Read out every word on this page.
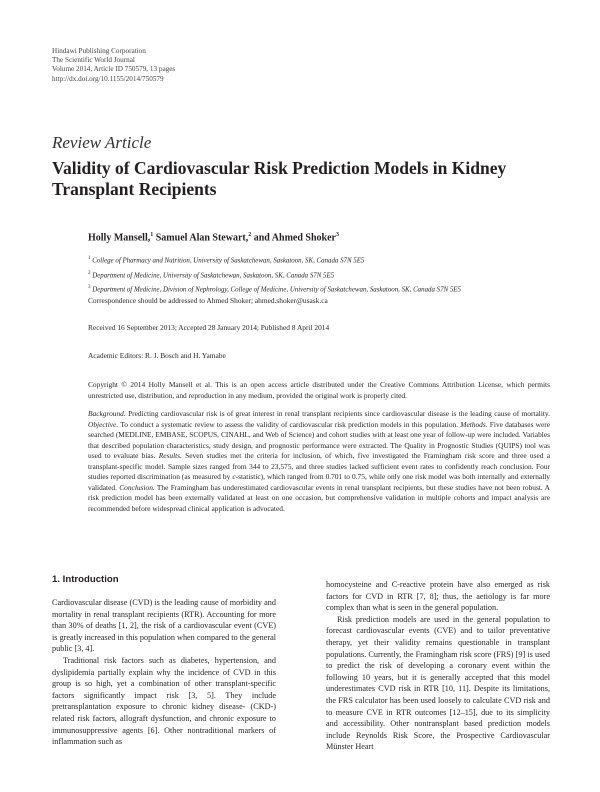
Hindawi Publishing Corporation
The Scientific World Journal
Volume 2014, Article ID 750579, 13 pages
http://dx.doi.org/10.1155/2014/750579
Review Article
Validity of Cardiovascular Risk Prediction Models in Kidney Transplant Recipients
Holly Mansell,$^1$ Samuel Alan Stewart,$^2$ and Ahmed Shoker$^3$
$^1$ College of Pharmacy and Nutrition, University of Saskatchewan, Saskatoon, SK, Canada S7N 5E5
$^2$ Department of Medicine, University of Saskatchewan, Saskatoon, SK, Canada S7N 5E5
$^3$ Department of Medicine, Division of Nephrology, College of Medicine, University of Saskatchewan, Saskatoon, SK, Canada S7N 5E5
Correspondence should be addressed to Ahmed Shoker; ahmed.shoker@usask.ca
Received 16 September 2013; Accepted 28 January 2014; Published 8 April 2014
Academic Editors: R. J. Bosch and H. Yamabe
Copyright © 2014 Holly Mansell et al. This is an open access article distributed under the Creative Commons Attribution License, which permits unrestricted use, distribution, and reproduction in any medium, provided the original work is properly cited.
Background. Predicting cardiovascular risk is of great interest in renal transplant recipients since cardiovascular disease is the leading cause of mortality. Objective. To conduct a systematic review to assess the validity of cardiovascular risk prediction models in this population. Methods. Five databases were searched (MEDLINE, EMBASE, SCOPUS, CINAHL, and Web of Science) and cohort studies with at least one year of follow-up were included. Variables that described population characteristics, study design, and prognostic performance were extracted. The Quality in Prognostic Studies (QUIPS) tool was used to evaluate bias. Results. Seven studies met the criteria for inclusion, of which, five investigated the Framingham risk score and three used a transplant-specific model. Sample sizes ranged from 344 to 23,575, and three studies lacked sufficient event rates to confidently reach conclusion. Four studies reported discrimination (as measured by c-statistic), which ranged from 0.701 to 0.75, while only one risk model was both internally and externally validated. Conclusion. The Framingham has underestimated cardiovascular events in renal transplant recipients, but these studies have not been robust. A risk prediction model has been externally validated at least on one occasion, but comprehensive validation in multiple cohorts and impact analysis are recommended before widespread clinical application is advocated.
1. Introduction

Cardiovascular disease (CVD) is the leading cause of morbidity and mortality in renal transplant recipients (RTR). Accounting for more than 30% of deaths [1, 2], the risk of a cardiovascular event (CVE) is greatly increased in this population when compared to the general public [3, 4].

Traditional risk factors such as diabetes, hypertension, and dyslipidemia partially explain why the incidence of CVD in this group is so high, yet a combination of other transplant-specific factors significantly impact risk [3, 5]. They include pretransplantation exposure to chronic kidney disease- (CKD-) related risk factors, allograft dysfunction, and chronic exposure to immunosuppressive agents [6]. Other nontraditional markers of inflammation such as

homocysteine and C-reactive protein have also emerged as risk factors for CVD in RTR [7, 8]; thus, the aetiology is far more complex than what is seen in the general population.

Risk prediction models are used in the general population to forecast cardiovascular events (CVE) and to tailor preventative therapy, yet their validity remains questionable in transplant populations. Currently, the Framingham risk score (FRS) [9] is used to predict the risk of developing a coronary event within the following 10 years, but it is generally accepted that this model underestimates CVD risk in RTR [10, 11]. Despite its limitations, the FRS calculator has been used loosely to calculate CVD risk and to measure CVE in RTR outcomes [12–15], due to its simplicity and accessibility. Other nontransplant based prediction models include Reynolds Risk Score, the Prospective Cardiovascular Münster Heart
